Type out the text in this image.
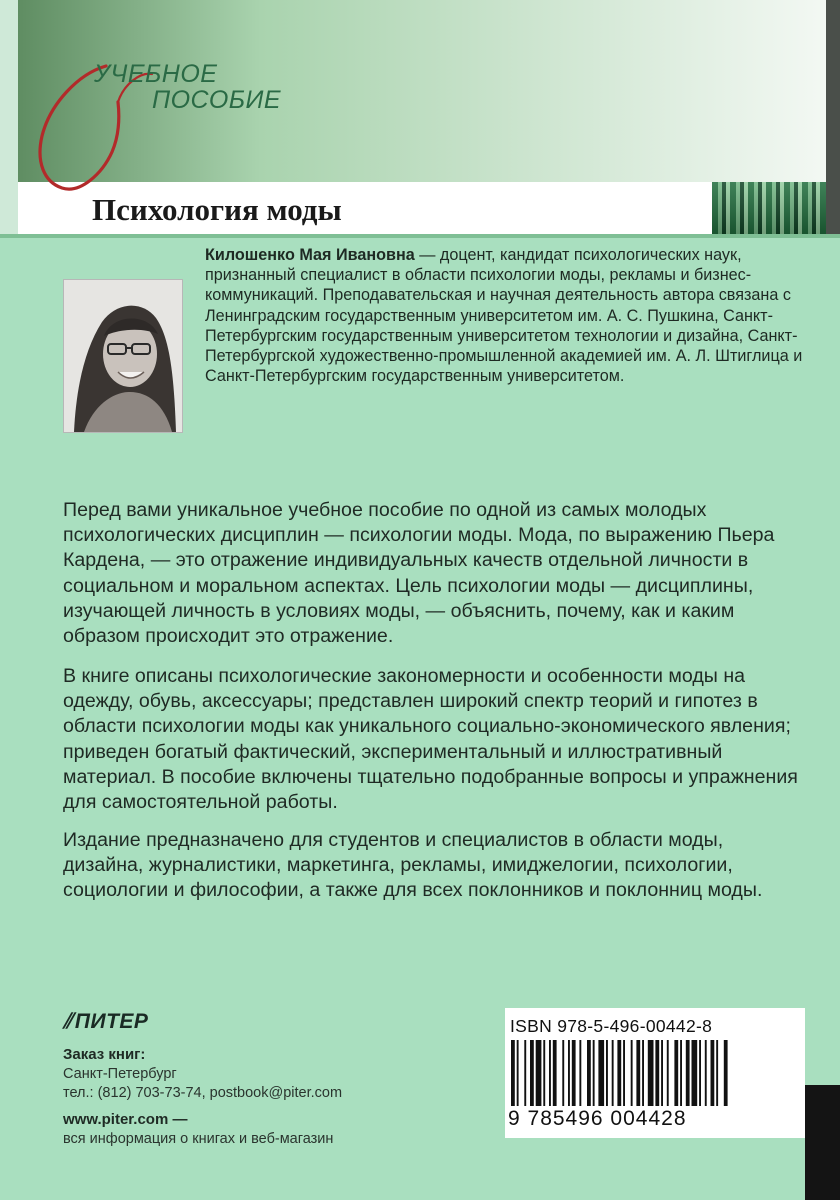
УЧЕБНОЕ
ПОСОБИЕ
Психология моды
Килошенко Мая Ивановна — доцент, кандидат психологических наук, признанный специалист в области психологии моды, рекламы и бизнес-коммуникаций. Преподавательская и научная деятельность автора связана с Ленинградским государственным университетом им. А. С. Пушкина, Санкт-Петербургским государственным университетом технологии и дизайна, Санкт-Петербургской художественно-промышленной академией им. А. Л. Штиглица и Санкт-Петербургским государственным университетом.
Перед вами уникальное учебное пособие по одной из самых молодых психологических дисциплин — психологии моды. Мода, по выражению Пьера Кардена, — это отражение индивидуальных качеств отдельной личности в социальном и моральном аспектах. Цель психологии моды — дисциплины, изучающей личность в условиях моды, — объяснить, почему, как и каким образом происходит это отражение.
В книге описаны психологические закономерности и особенности моды на одежду, обувь, аксессуары; представлен широкий спектр теорий и гипотез в области психологии моды как уникального социально-экономического явления; приведен богатый фактический, экспериментальный и иллюстративный материал. В пособие включены тщательно подобранные вопросы и упражнения для самостоятельной работы.
Издание предназначено для студентов и специалистов в области моды, дизайна, журналистики, маркетинга, рекламы, имиджелогии, психологии, социологии и философии, а также для всех поклонников и поклонниц моды.
⫽ПИТЕР
Заказ книг:
Санкт-Петербург
тел.: (812) 703-73-74, postbook@piter.com
www.piter.com —
вся информация о книгах и веб-магазин
ISBN 978-5-496-00442-8
9 785496 004428
